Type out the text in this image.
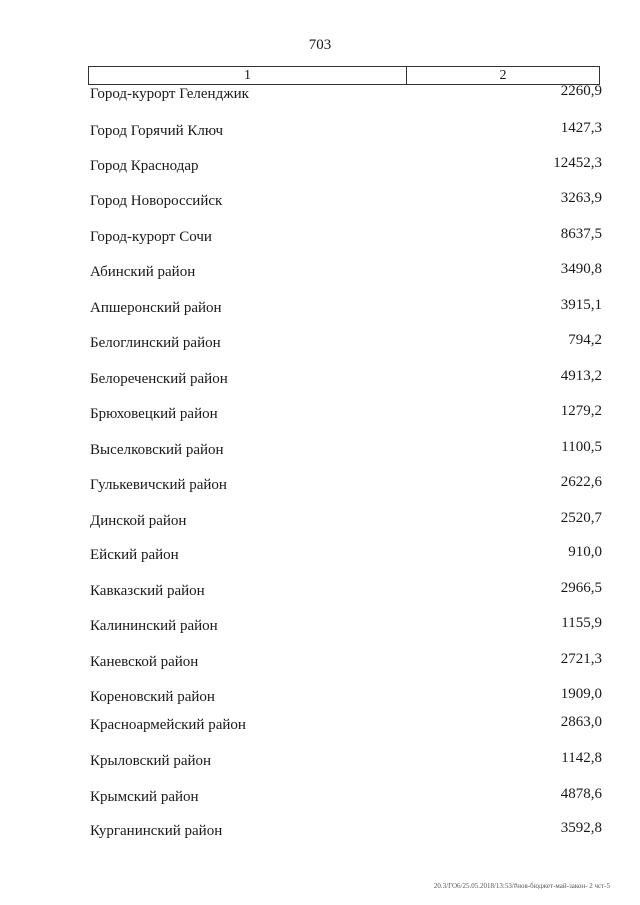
703
1	2
Город-курорт Геленджик	2260,9
Город Горячий Ключ	1427,3
Город Краснодар	12452,3
Город Новороссийск	3263,9
Город-курорт Сочи	8637,5
Абинский район	3490,8
Апшеронский район	3915,1
Белоглинский район	794,2
Белореченский район	4913,2
Брюховецкий район	1279,2
Выселковский район	1100,5
Гулькевичский район	2622,6
Динской район	2520,7
Ейский район	910,0
Кавказский район	2966,5
Калининский район	1155,9
Каневской район	2721,3
Кореновский район	1909,0
Красноармейский район	2863,0
Крыловский район	1142,8
Крымский район	4878,6
Курганинский район	3592,8
20.3/ГО6/25.05.2018/13:53/#нов-бюджет-май-закон- 2 чст-5
